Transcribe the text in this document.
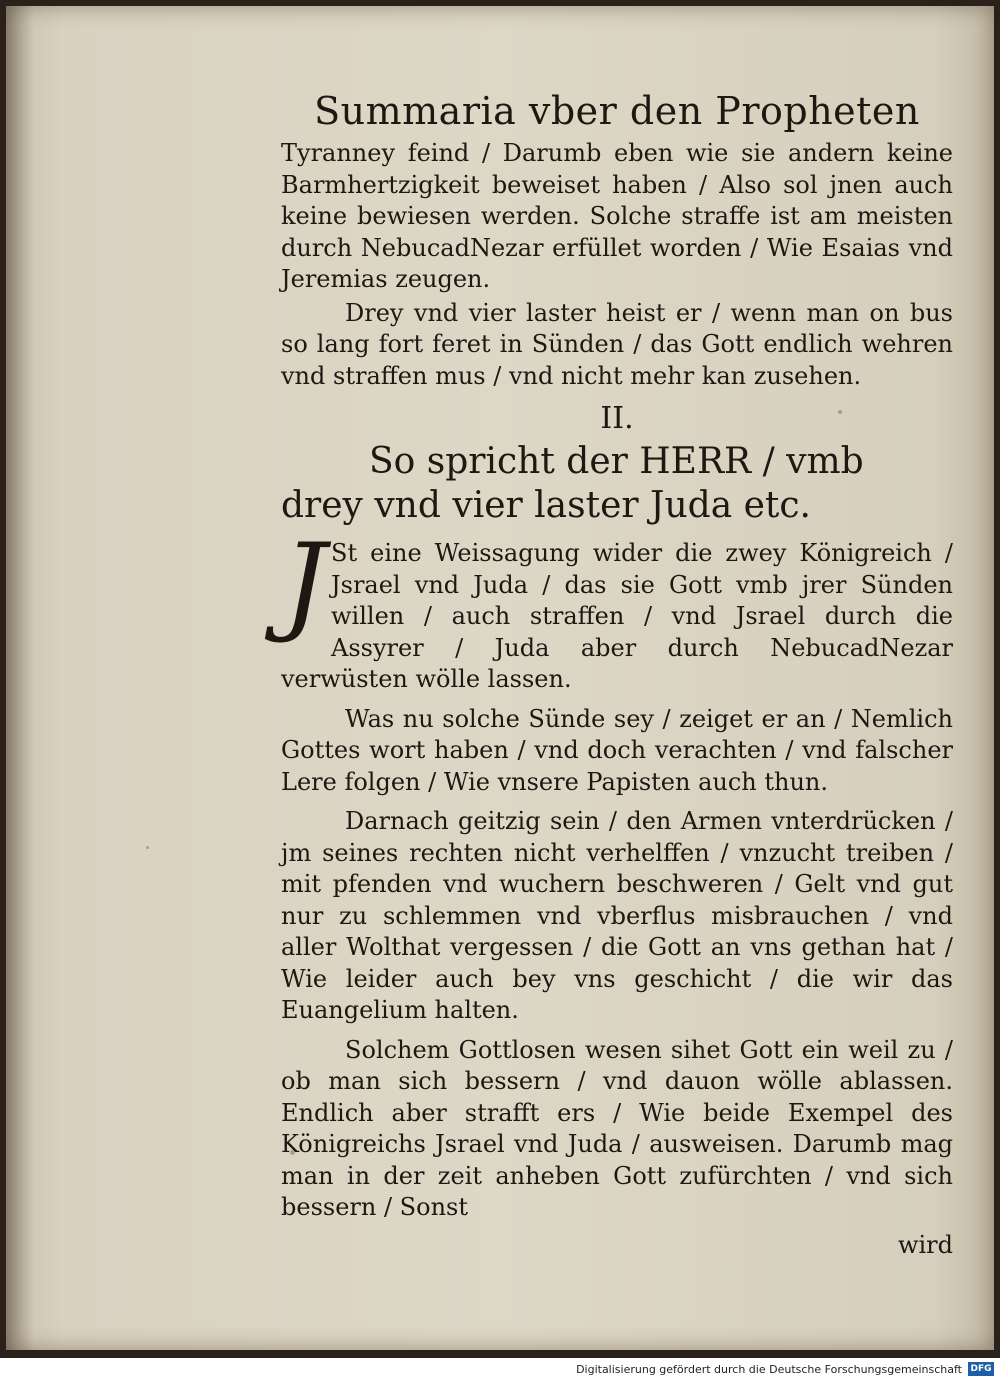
Summaria vber den Propheten

Tyranney feind / Darumb eben wie sie andern keine Barmhertzigkeit beweiset haben / Also sol jnen auch keine bewiesen werden. Solche straffe ist am meisten durch NebucadNezar erfüllet worden / Wie Esaias vnd Jeremias zeugen.

Drey vnd vier laster heist er / wenn man on bus so lang fort feret in Sünden / das Gott endlich wehren vnd straffen mus / vnd nicht mehr kan zusehen.

II.
So spricht der HERR / vmb drey vnd vier laster Juda etc.
J St eine Weissagung wider die zwey Königreich / Jsrael vnd Juda / das sie Gott vmb jrer Sünden willen / auch straffen / vnd Jsrael durch die Assyrer / Juda aber durch NebucadNezar verwüsten wölle lassen.

Was nu solche Sünde sey / zeiget er an / Nemlich Gottes wort haben / vnd doch verachten / vnd falscher Lere folgen / Wie vnsere Papisten auch thun.

Darnach geitzig sein / den Armen vnterdrücken / jm seines rechten nicht verhelffen / vnzucht treiben / mit pfenden vnd wuchern beschweren / Gelt vnd gut nur zu schlemmen vnd vberflus misbrauchen / vnd aller Wolthat vergessen / die Gott an vns gethan hat / Wie leider auch bey vns geschicht / die wir das Euangelium halten.

Solchem Gottlosen wesen sihet Gott ein weil zu / ob man sich bessern / vnd dauon wölle ablassen. Endlich aber strafft ers / Wie beide Exempel des Königreichs Jsrael vnd Juda / ausweisen. Darumb mag man in der zeit anheben Gott zufürchten / vnd sich bessern / Sonst

wird
Digitalisierung gefördert durch die Deutsche Forschungsgemeinschaft DFG
